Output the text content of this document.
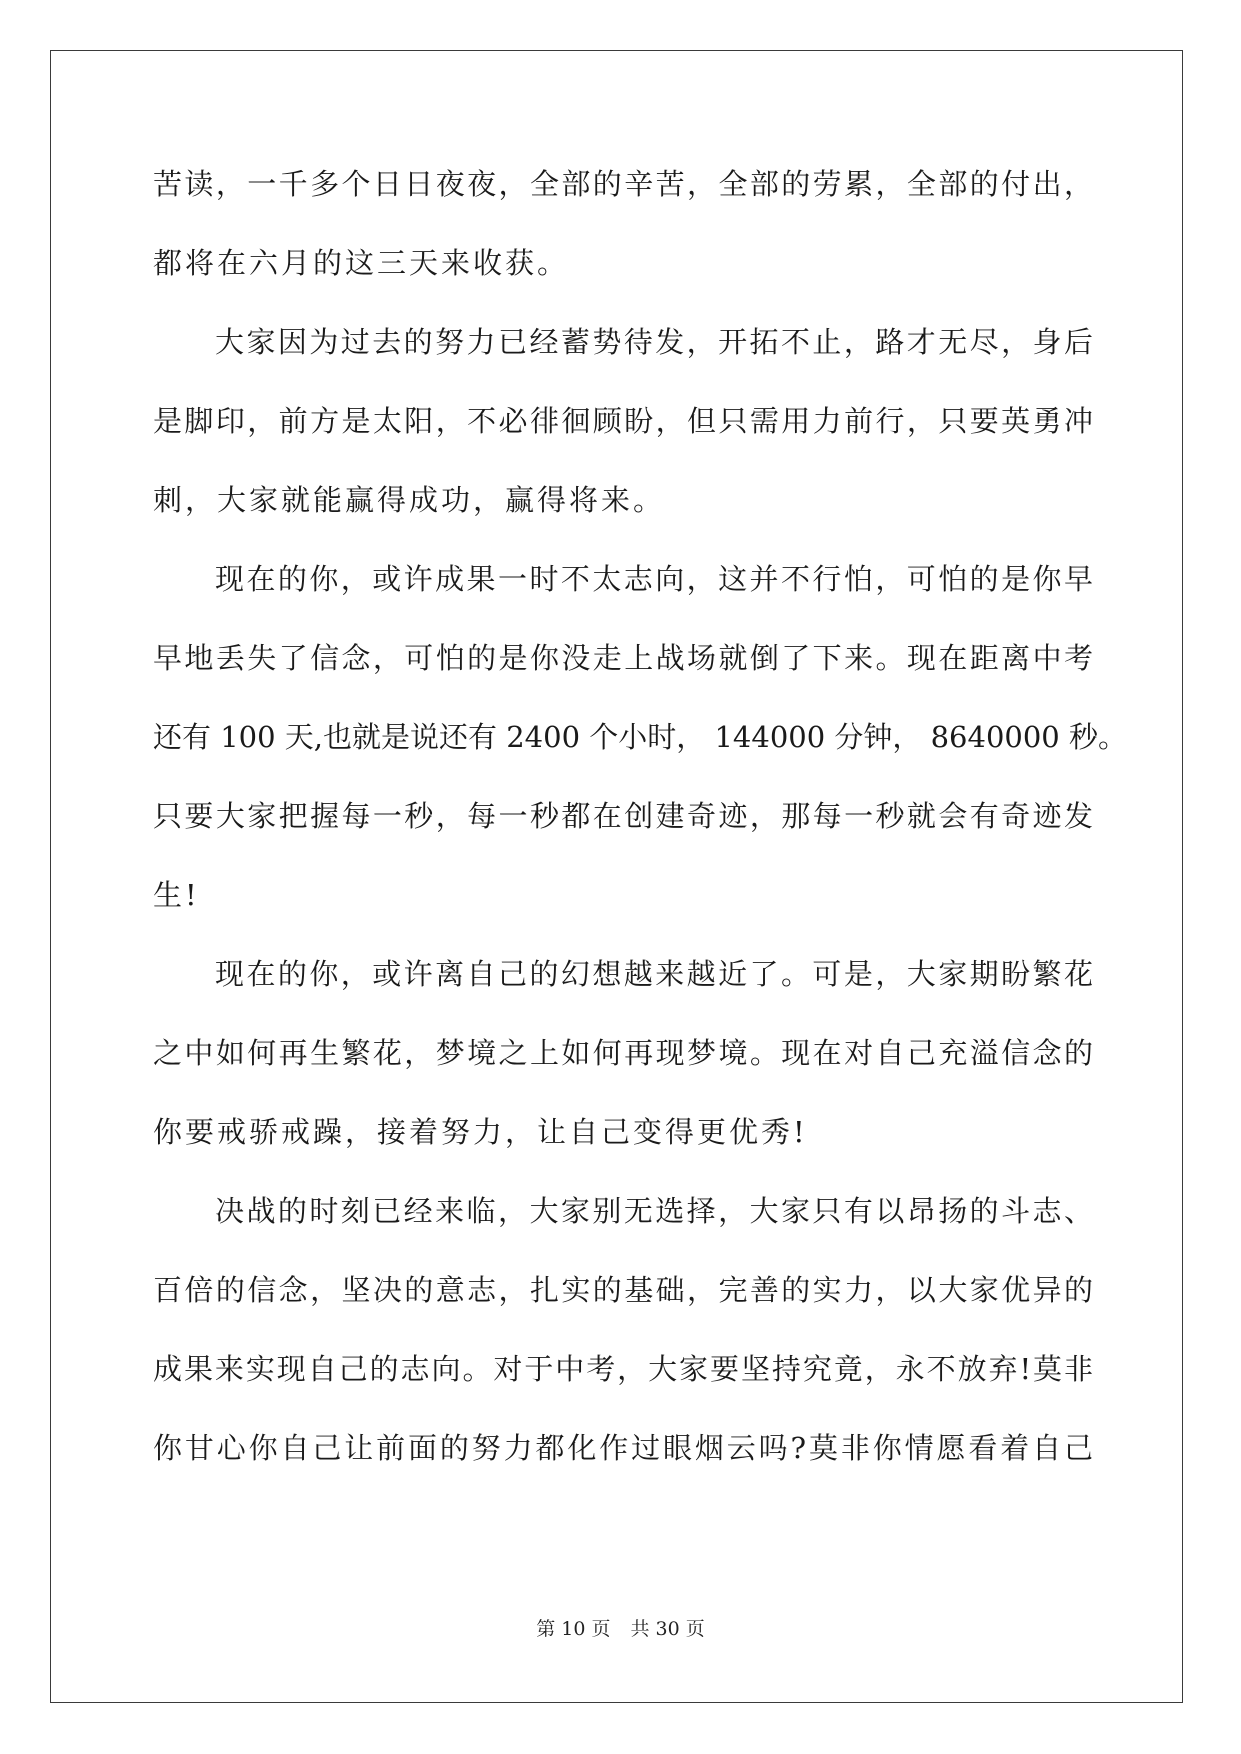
苦读，一千多个日日夜夜，全部的辛苦，全部的劳累，全部的付出，
都将在六月的这三天来收获。
大家因为过去的努力已经蓄势待发，开拓不止，路才无尽，身后
是脚印，前方是太阳，不必徘徊顾盼，但只需用力前行，只要英勇冲
刺，大家就能赢得成功，赢得将来。
现在的你，或许成果一时不太志向，这并不行怕，可怕的是你早
早地丢失了信念，可怕的是你没走上战场就倒了下来。现在距离中考
还有 100 天,也就是说还有 2400 个小时， 144000 分钟， 8640000 秒。
只要大家把握每一秒，每一秒都在创建奇迹，那每一秒就会有奇迹发
生!
现在的你，或许离自己的幻想越来越近了。可是，大家期盼繁花
之中如何再生繁花，梦境之上如何再现梦境。现在对自己充溢信念的
你要戒骄戒躁，接着努力，让自己变得更优秀!
决战的时刻已经来临，大家别无选择，大家只有以昂扬的斗志、
百倍的信念，坚决的意志，扎实的基础，完善的实力，以大家优异的
成果来实现自己的志向。对于中考，大家要坚持究竟，永不放弃!莫非
你甘心你自己让前面的努力都化作过眼烟云吗?莫非你情愿看着自己
第 10 页 共 30 页
